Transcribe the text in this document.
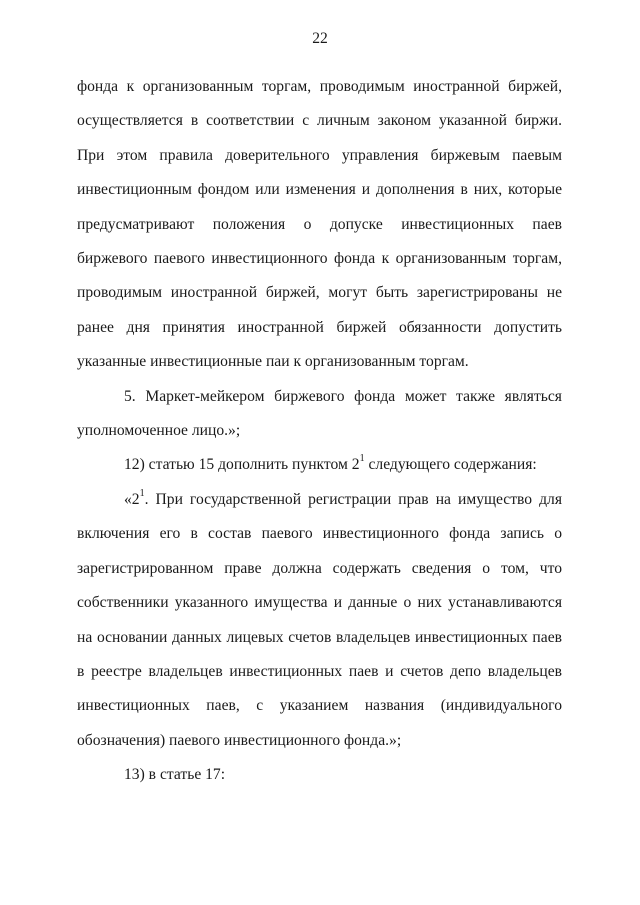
22

фонда к организованным торгам, проводимым иностранной биржей, осуществляется в соответствии с личным законом указанной биржи. При этом правила доверительного управления биржевым паевым инвестиционным фондом или изменения и дополнения в них, которые предусматривают положения о допуске инвестиционных паев биржевого паевого инвестиционного фонда к организованным торгам, проводимым иностранной биржей, могут быть зарегистрированы не ранее дня принятия иностранной биржей обязанности допустить указанные инвестиционные паи к организованным торгам.

5. Маркет-мейкером биржевого фонда может также являться уполномоченное лицо.»;

12) статью 15 дополнить пунктом $2^1$ следующего содержания:

«$2^1$. При государственной регистрации прав на имущество для включения его в состав паевого инвестиционного фонда запись о зарегистрированном праве должна содержать сведения о том, что собственники указанного имущества и данные о них устанавливаются на основании данных лицевых счетов владельцев инвестиционных паев в реестре владельцев инвестиционных паев и счетов депо владельцев инвестиционных паев, с указанием названия (индивидуального обозначения) паевого инвестиционного фонда.»;

13) в статье 17:
